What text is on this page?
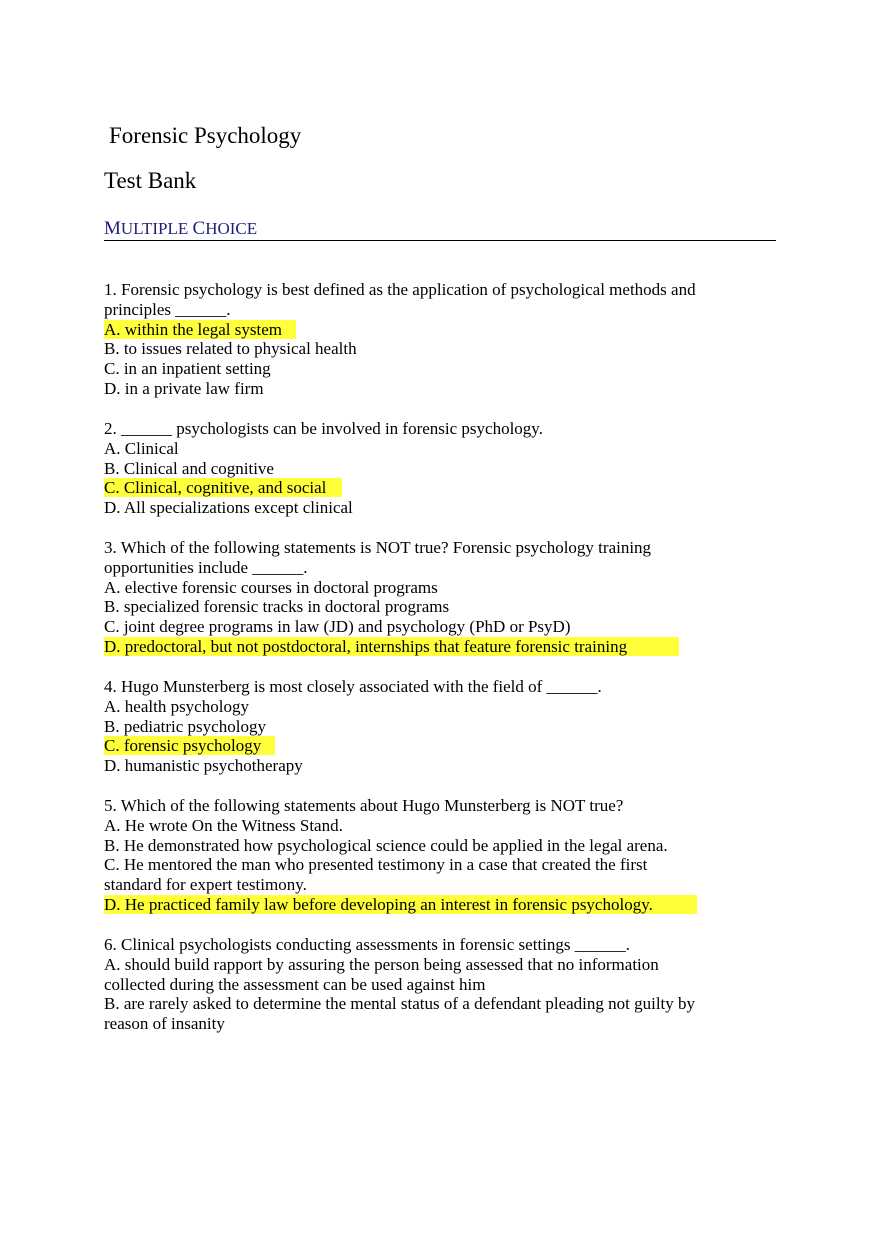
Forensic Psychology
Test Bank
MULTIPLE CHOICE
1. Forensic psychology is best defined as the application of psychological methods and
principles ______.
A. within the legal system
B. to issues related to physical health
C. in an inpatient setting
D. in a private law firm
2. ______ psychologists can be involved in forensic psychology.
A. Clinical
B. Clinical and cognitive
C. Clinical, cognitive, and social
D. All specializations except clinical
3. Which of the following statements is NOT true? Forensic psychology training
opportunities include ______.
A. elective forensic courses in doctoral programs
B. specialized forensic tracks in doctoral programs
C. joint degree programs in law (JD) and psychology (PhD or PsyD)
D. predoctoral, but not postdoctoral, internships that feature forensic training
4. Hugo Munsterberg is most closely associated with the field of ______.
A. health psychology
B. pediatric psychology
C. forensic psychology
D. humanistic psychotherapy
5. Which of the following statements about Hugo Munsterberg is NOT true?
A. He wrote On the Witness Stand.
B. He demonstrated how psychological science could be applied in the legal arena.
C. He mentored the man who presented testimony in a case that created the first
standard for expert testimony.
D. He practiced family law before developing an interest in forensic psychology.
6. Clinical psychologists conducting assessments in forensic settings ______.
A. should build rapport by assuring the person being assessed that no information
collected during the assessment can be used against him
B. are rarely asked to determine the mental status of a defendant pleading not guilty by
reason of insanity
